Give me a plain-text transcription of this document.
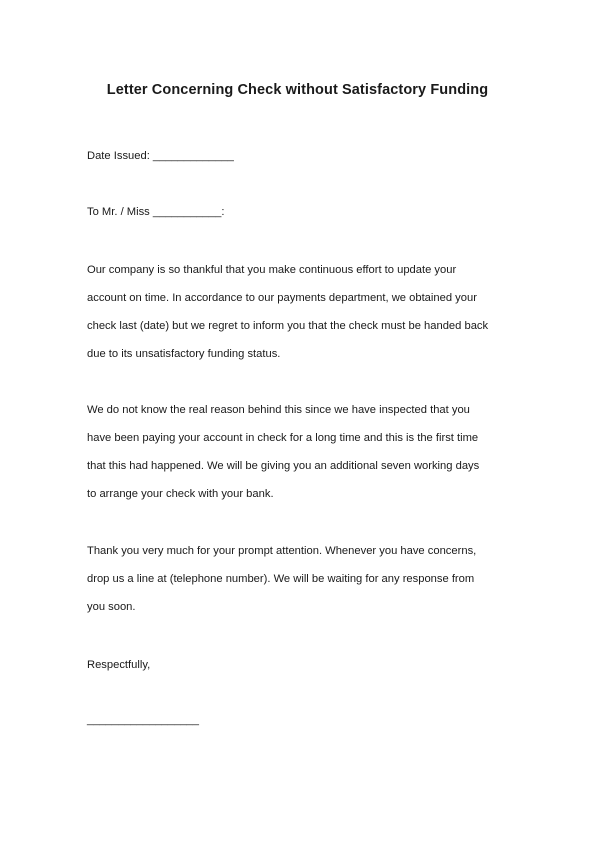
Letter Concerning Check without Satisfactory Funding
Date Issued: _____________
To Mr. / Miss ___________:
Our company is so thankful that you make continuous effort to update your
account on time. In accordance to our payments department, we obtained your
check last (date) but we regret to inform you that the check must be handed back
due to its unsatisfactory funding status.
We do not know the real reason behind this since we have inspected that you
have been paying your account in check for a long time and this is the first time
that this had happened. We will be giving you an additional seven working days
to arrange your check with your bank.
Thank you very much for your prompt attention. Whenever you have concerns,
drop us a line at (telephone number). We will be waiting for any response from
you soon.
Respectfully,
__________________
